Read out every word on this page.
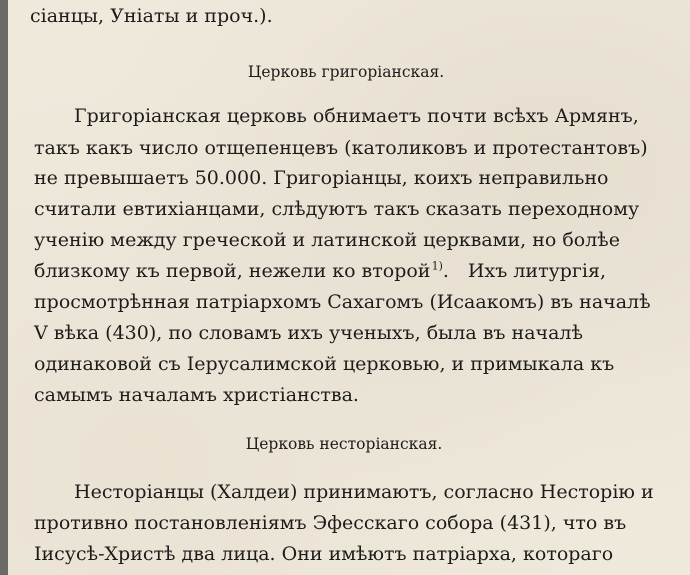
сіанцы, Уніаты и проч.).
Церковь григоріанская.
Григоріанская церковь обнимаетъ почти всѣхъ Армянъ,
такъ какъ число отщепенцевъ (католиковъ и протестантовъ)
не превышаетъ 50.000. Григоріанцы, коихъ неправильно
считали евтихіанцами, слѣдуютъ такъ сказать переходному
ученію между греческой и латинской церквами, но болѣе
близкому къ первой, нежели ко второй $^{1)}$.  Ихъ литургія,
просмотрѣнная патріархомъ Сахагомъ (Исаакомъ) въ началѣ
V вѣка (430), по словамъ ихъ ученыхъ, была въ началѣ
одинаковой съ Іерусалимской церковью, и примыкала къ
самымъ началамъ христіанства.
Церковь несторіанская.
Несторіанцы (Халдеи) принимаютъ, согласно Несторію и
противно постановленіямъ Эфесскаго собора (431), что въ
Іисусѣ-Христѣ два лица. Они имѣютъ патріарха, котораго
